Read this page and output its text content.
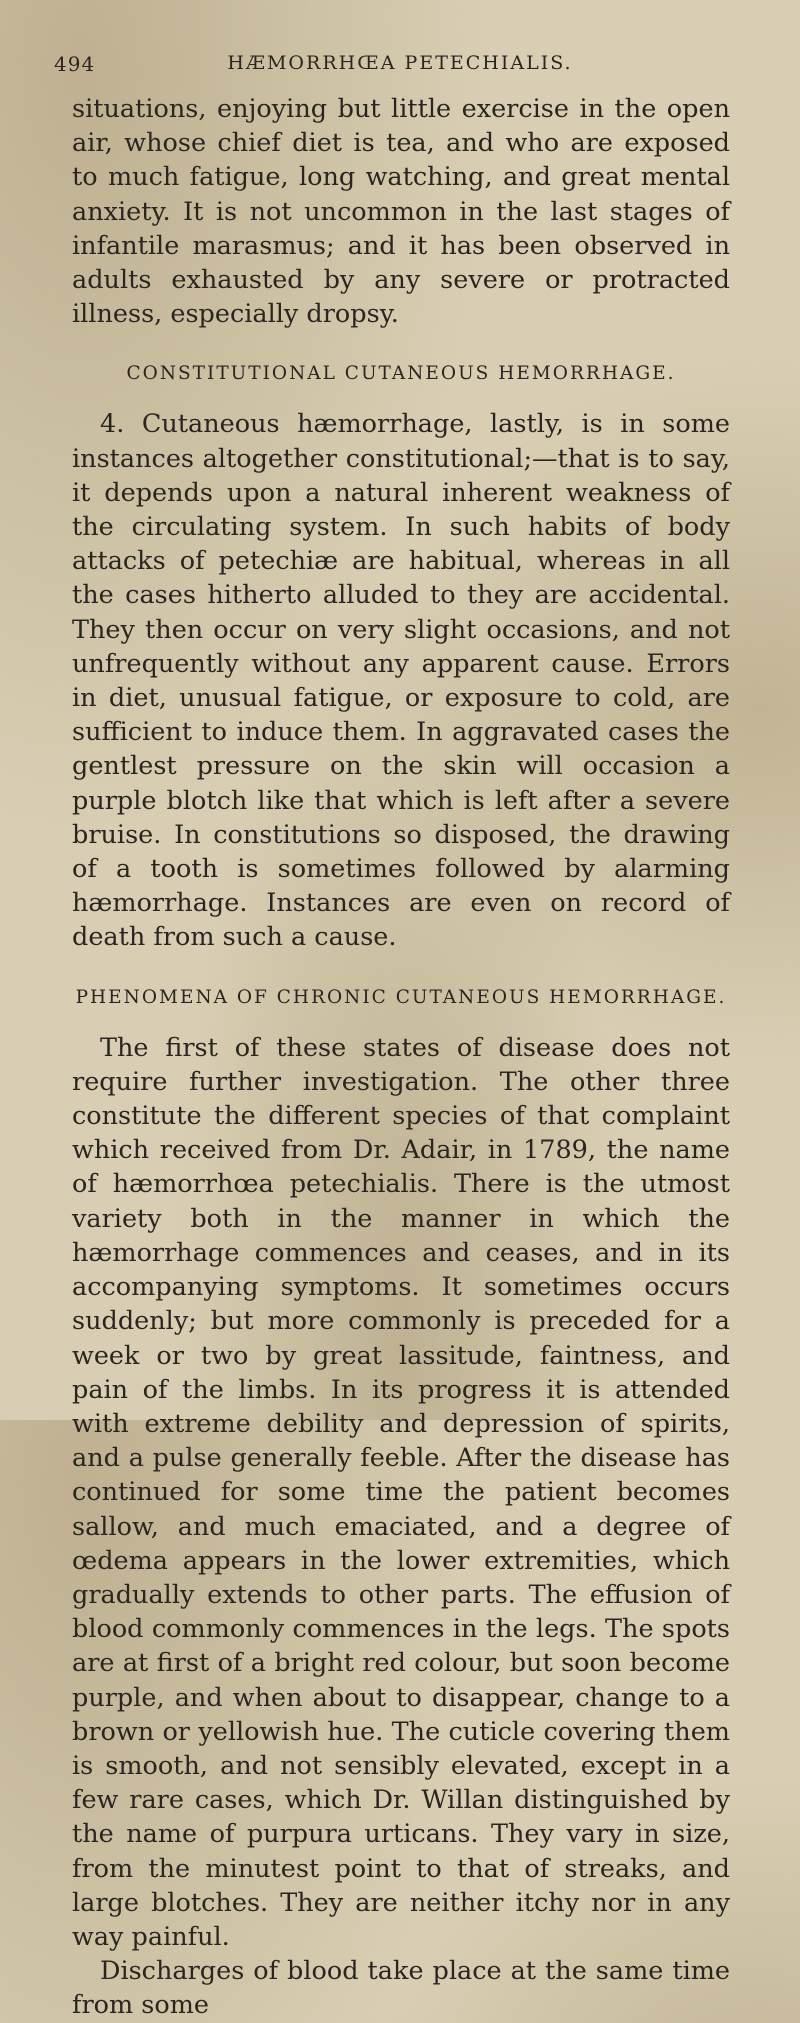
494	HÆMORRHŒA PETECHIALIS.

situations, enjoying but little exercise in the open air, whose chief diet is tea, and who are exposed to much fatigue, long watching, and great mental anxiety. It is not uncommon in the last stages of infantile marasmus; and it has been observed in adults exhausted by any severe or protracted illness, especially dropsy.

CONSTITUTIONAL CUTANEOUS HEMORRHAGE.

4. Cutaneous hæmorrhage, lastly, is in some instances altogether constitutional;—that is to say, it depends upon a natural inherent weakness of the circulating system. In such habits of body attacks of petechiæ are habitual, whereas in all the cases hitherto alluded to they are accidental. They then occur on very slight occasions, and not unfrequently without any apparent cause. Errors in diet, unusual fatigue, or exposure to cold, are sufficient to induce them. In aggravated cases the gentlest pressure on the skin will occasion a purple blotch like that which is left after a severe bruise. In constitutions so disposed, the drawing of a tooth is sometimes followed by alarming hæmorrhage. Instances are even on record of death from such a cause.

PHENOMENA OF CHRONIC CUTANEOUS HEMORRHAGE.

The first of these states of disease does not require further investigation. The other three constitute the different species of that complaint which received from Dr. Adair, in 1789, the name of hæmorrhœa petechialis. There is the utmost variety both in the manner in which the hæmorrhage commences and ceases, and in its accompanying symptoms. It sometimes occurs suddenly; but more commonly is preceded for a week or two by great lassitude, faintness, and pain of the limbs. In its progress it is attended with extreme debility and depression of spirits, and a pulse generally feeble. After the disease has continued for some time the patient becomes sallow, and much emaciated, and a degree of œdema appears in the lower extremities, which gradually extends to other parts. The effusion of blood commonly commences in the legs. The spots are at first of a bright red colour, but soon become purple, and when about to disappear, change to a brown or yellowish hue. The cuticle covering them is smooth, and not sensibly elevated, except in a few rare cases, which Dr. Willan distinguished by the name of purpura urticans. They vary in size, from the minutest point to that of streaks, and large blotches. They are neither itchy nor in any way painful.

Discharges of blood take place at the same time from some
